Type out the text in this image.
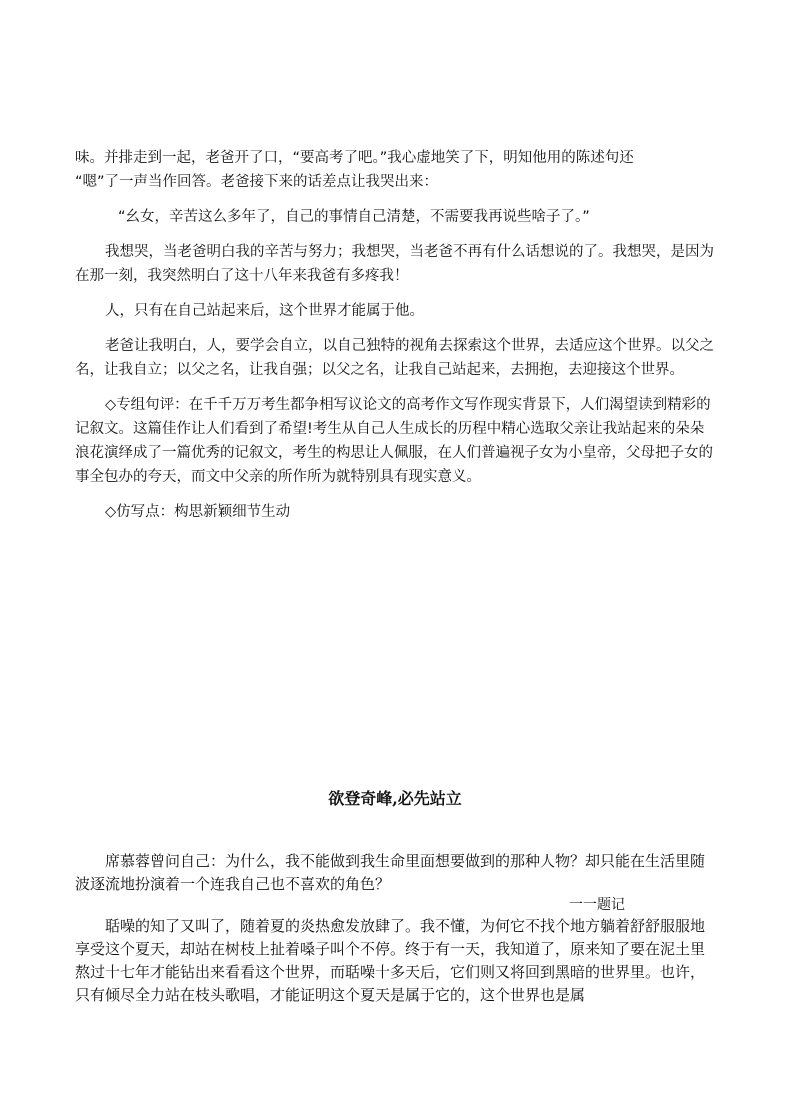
味。并排走到一起，老爸开了口，“要高考了吧。”我心虚地笑了下，明知他用的陈述句还

“嗯”了一声当作回答。老爸接下来的话差点让我哭出来：

“幺女，辛苦这么多年了，自己的事情自己清楚，不需要我再说些啥子了。”

我想哭，当老爸明白我的辛苦与努力；我想哭，当老爸不再有什么话想说的了。我想哭，是因为在那一刻，我突然明白了这十八年来我爸有多疼我！

人，只有在自己站起来后，这个世界才能属于他。

老爸让我明白，人，要学会自立，以自己独特的视角去探索这个世界，去适应这个世界。以父之名，让我自立；以父之名，让我自强；以父之名，让我自己站起来，去拥抱，去迎接这个世界。

◇专组句评：在千千万万考生都争相写议论文的高考作文写作现实背景下，人们渴望读到精彩的记叙文。这篇佳作让人们看到了希望!考生从自己人生成长的历程中精心选取父亲让我站起来的朵朵浪花演绎成了一篇优秀的记叙文，考生的构思让人佩服，在人们普遍视子女为小皇帝，父母把子女的事全包办的夸天，而文中父亲的所作所为就特别具有现实意义。

◇仿写点：构思新颖细节生动

欲登奇峰,必先站立

席慕蓉曾问自己：为什么，我不能做到我生命里面想要做到的那种人物？却只能在生活里随波逐流地扮演着一个连我自己也不喜欢的角色？

一一题记

聒噪的知了又叫了，随着夏的炎热愈发放肆了。我不懂，为何它不找个地方躺着舒舒服服地享受这个夏天，却站在树枝上扯着嗓子叫个不停。终于有一天，我知道了，原来知了要在泥土里熬过十七年才能钻出来看看这个世界，而聒噪十多天后，它们则又将回到黑暗的世界里。也许，只有倾尽全力站在枝头歌唱，才能证明这个夏天是属于它的，这个世界也是属
